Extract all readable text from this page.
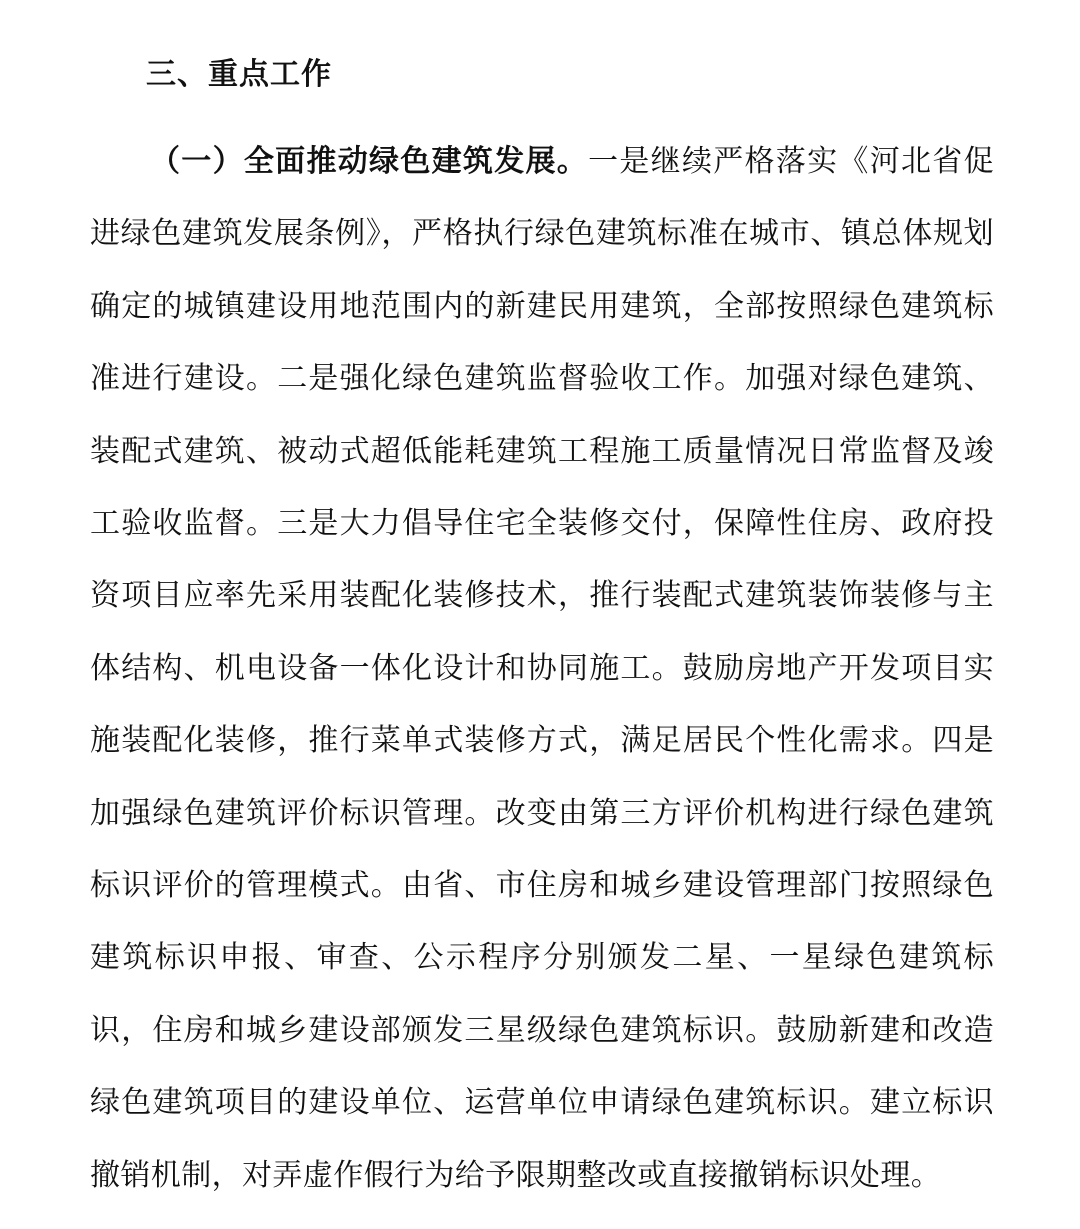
三、重点工作

（一）全面推动绿色建筑发展。一是继续严格落实《河北省促进绿色建筑发展条例》，严格执行绿色建筑标准在城市、镇总体规划确定的城镇建设用地范围内的新建民用建筑，全部按照绿色建筑标准进行建设。二是强化绿色建筑监督验收工作。加强对绿色建筑、装配式建筑、被动式超低能耗建筑工程施工质量情况日常监督及竣工验收监督。三是大力倡导住宅全装修交付，保障性住房、政府投资项目应率先采用装配化装修技术，推行装配式建筑装饰装修与主体结构、机电设备一体化设计和协同施工。鼓励房地产开发项目实施装配化装修，推行菜单式装修方式，满足居民个性化需求。四是加强绿色建筑评价标识管理。改变由第三方评价机构进行绿色建筑标识评价的管理模式。由省、市住房和城乡建设管理部门按照绿色建筑标识申报、审查、公示程序分别颁发二星、一星绿色建筑标识，住房和城乡建设部颁发三星级绿色建筑标识。鼓励新建和改造绿色建筑项目的建设单位、运营单位申请绿色建筑标识。建立标识撤销机制，对弄虚作假行为给予限期整改或直接撤销标识处理。
